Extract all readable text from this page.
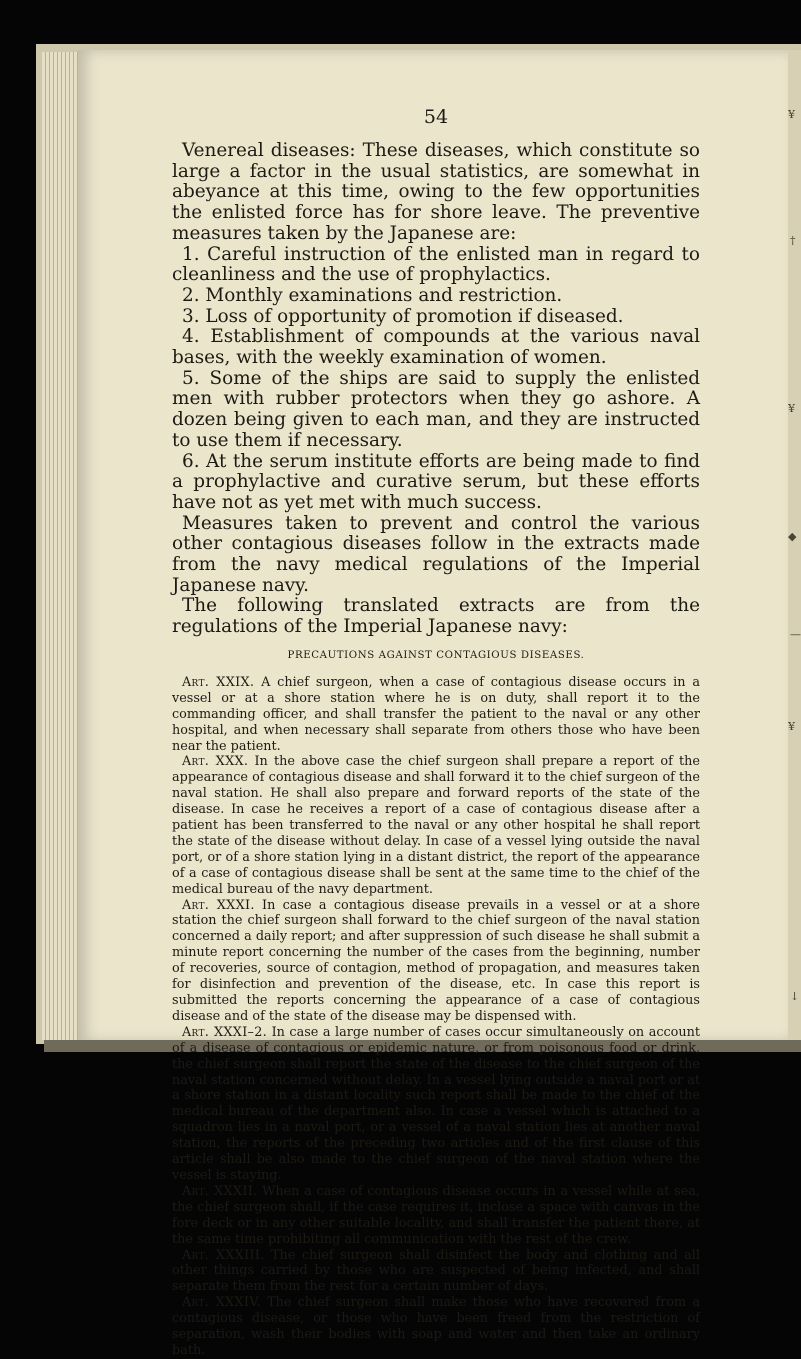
¥
†
¥
◆
—
¥
↓
54

Venereal diseases: These diseases, which constitute so large a factor in the usual statistics, are somewhat in abeyance at this time, owing to the few opportunities the enlisted force has for shore leave. The preventive measures taken by the Japanese are:

1. Careful instruction of the enlisted man in regard to cleanliness and the use of prophylactics.

2. Monthly examinations and restriction.

3. Loss of opportunity of promotion if diseased.

4. Establishment of compounds at the various naval bases, with the weekly examination of women.

5. Some of the ships are said to supply the enlisted men with rubber protectors when they go ashore. A dozen being given to each man, and they are instructed to use them if necessary.

6. At the serum institute efforts are being made to find a prophylactive and curative serum, but these efforts have not as yet met with much success.

Measures taken to prevent and control the various other contagious diseases follow in the extracts made from the navy medical regulations of the Imperial Japanese navy.

The following translated extracts are from the regulations of the Imperial Japanese navy:

PRECAUTIONS AGAINST CONTAGIOUS DISEASES.

Art. XXIX. A chief surgeon, when a case of contagious disease occurs in a vessel or at a shore station where he is on duty, shall report it to the commanding officer, and shall transfer the patient to the naval or any other hospital, and when necessary shall separate from others those who have been near the patient.

Art. XXX. In the above case the chief surgeon shall prepare a report of the appearance of contagious disease and shall forward it to the chief surgeon of the naval station. He shall also prepare and forward reports of the state of the disease. In case he receives a report of a case of contagious disease after a patient has been transferred to the naval or any other hospital he shall report the state of the disease without delay. In case of a vessel lying outside the naval port, or of a shore station lying in a distant district, the report of the appearance of a case of contagious disease shall be sent at the same time to the chief of the medical bureau of the navy department.

Art. XXXI. In case a contagious disease prevails in a vessel or at a shore station the chief surgeon shall forward to the chief surgeon of the naval station concerned a daily report; and after suppression of such disease he shall submit a minute report concerning the number of the cases from the beginning, number of recoveries, source of contagion, method of propagation, and measures taken for disinfection and prevention of the disease, etc. In case this report is submitted the reports concerning the appearance of a case of contagious disease and of the state of the disease may be dispensed with.

Art. XXXI–2. In case a large number of cases occur simultaneously on account of a disease of contagious or epidemic nature, or from poisonous food or drink, the chief surgeon shall report the state of the disease to the chief surgeon of the naval station concerned without delay. In a vessel lying outside a naval port or at a shore station in a distant locality such report shall be made to the chief of the medical bureau of the department also. In case a vessel which is attached to a squadron lies in a naval port, or a vessel of a naval station lies at another naval station, the reports of the preceding two articles and of the first clause of this article shall be also made to the chief surgeon of the naval station where the vessel is staying.

Art. XXXII. When a case of contagious disease occurs in a vessel while at sea, the chief surgeon shall, if the case requires it, inclose a space with canvas in the fore deck or in any other suitable locality, and shall transfer the patient there, at the same time prohibiting all communication with the rest of the crew.

Art. XXXIII. The chief surgeon shall disinfect the body and clothing and all other things carried by those who are suspected of being infected, and shall separate them from the rest for a certain number of days.

Art. XXXIV. The chief surgeon shall make those who have recovered from a contagious disease, or those who have been freed from the restriction of separation, wash their bodies with soap and water and then take an ordinary bath.
